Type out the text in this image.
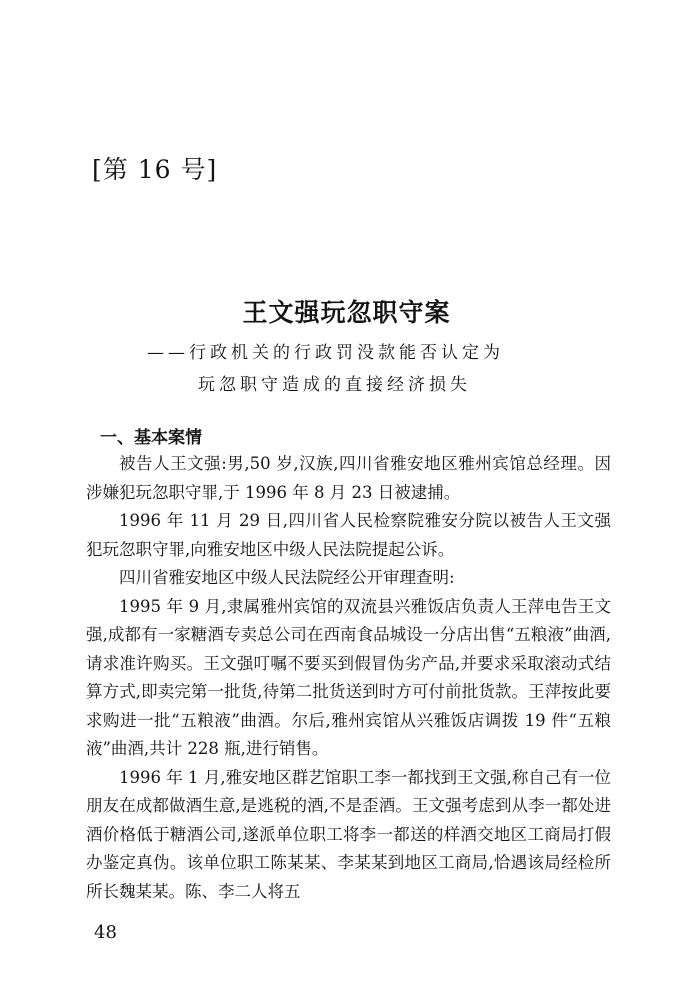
[第 16 号]
王文强玩忽职守案
——行政机关的行政罚没款能否认定为
玩忽职守造成的直接经济损失
一、基本案情

被告人王文强:男,50 岁,汉族,四川省雅安地区雅州宾馆总经理。因涉嫌犯玩忽职守罪,于 1996 年 8 月 23 日被逮捕。

1996 年 11 月 29 日,四川省人民检察院雅安分院以被告人王文强犯玩忽职守罪,向雅安地区中级人民法院提起公诉。

四川省雅安地区中级人民法院经公开审理查明:

1995 年 9 月,隶属雅州宾馆的双流县兴雅饭店负责人王萍电告王文强,成都有一家糖酒专卖总公司在西南食品城设一分店出售“五粮液”曲酒,请求准许购买。王文强叮嘱不要买到假冒伪劣产品,并要求采取滚动式结算方式,即卖完第一批货,待第二批货送到时方可付前批货款。王萍按此要求购进一批“五粮液”曲酒。尔后,雅州宾馆从兴雅饭店调拨 19 件“五粮液”曲酒,共计 228 瓶,进行销售。

1996 年 1 月,雅安地区群艺馆职工李一都找到王文强,称自己有一位朋友在成都做酒生意,是逃税的酒,不是歪酒。王文强考虑到从李一都处进酒价格低于糖酒公司,遂派单位职工将李一都送的样酒交地区工商局打假办鉴定真伪。该单位职工陈某某、李某某到地区工商局,恰遇该局经检所所长魏某某。陈、李二人将五

48
